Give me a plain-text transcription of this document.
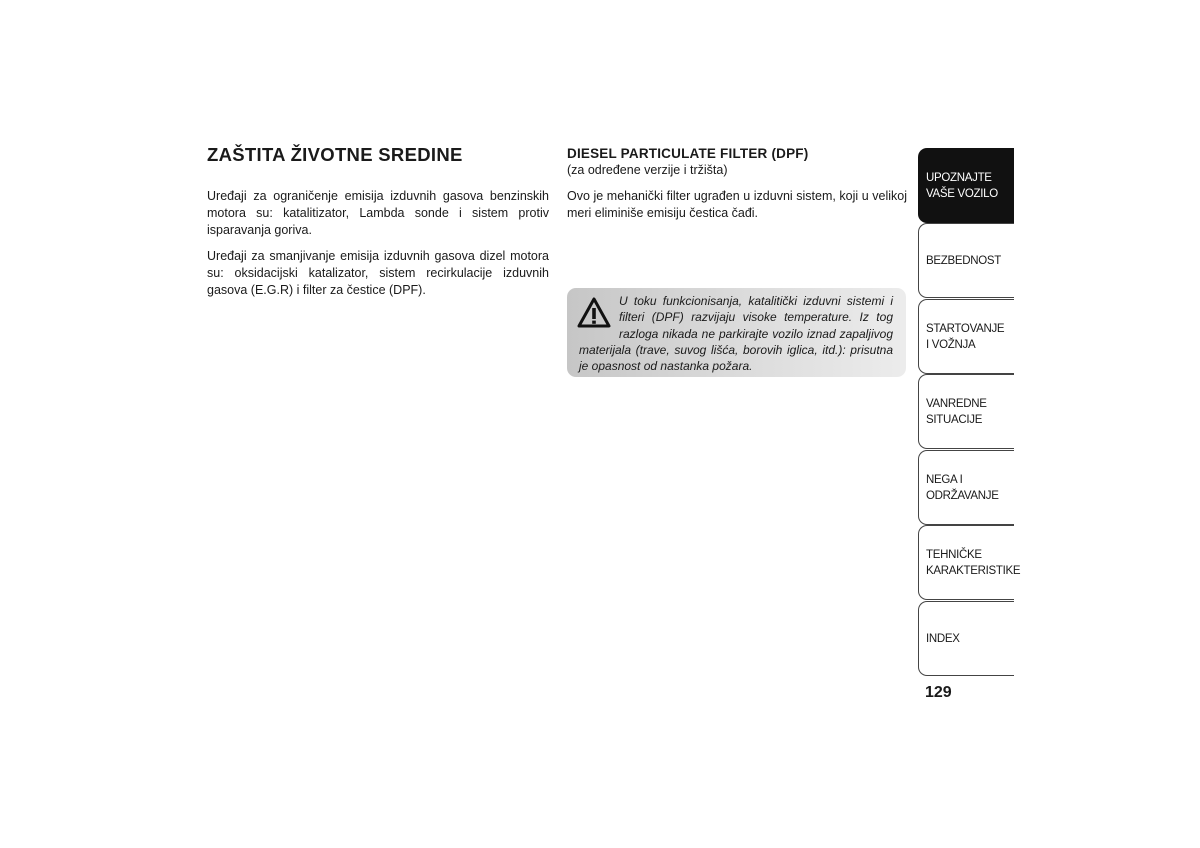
ZAŠTITA ŽIVOTNE SREDINE

Uređaji za ograničenje emisija izduvnih gasova benzinskih motora su: katalitizator, Lambda sonde i sistem protiv isparavanja goriva.

Uređaji za smanjivanje emisija izduvnih gasova dizel motora su: oksidacijski katalizator, sistem recirkulacije izduvnih gasova (E.G.R) i filter za čestice (DPF).

DIESEL PARTICULATE FILTER (DPF)

(za određene verzije i tržišta)

Ovo je mehanički filter ugrađen u izduvni sistem, koji u velikoj meri eliminiše emisiju čestica čađi.

U toku funkcionisanja, katalitički izduvni sistemi i filteri (DPF) razvijaju visoke temperature. Iz tog razloga nikada ne parkirajte vozilo iznad zapaljivog materijala (trave, suvog lišća, borovih iglica, itd.): prisutna je opasnost od nastanka požara.

UPOZNAJTE
VAŠE VOZILO
BEZBEDNOST
STARTOVANJE
I VOŽNJA
VANREDNE
SITUACIJE
NEGA I
ODRŽAVANJE
TEHNIČKE
KARAKTERISTIKE
INDEX
129
